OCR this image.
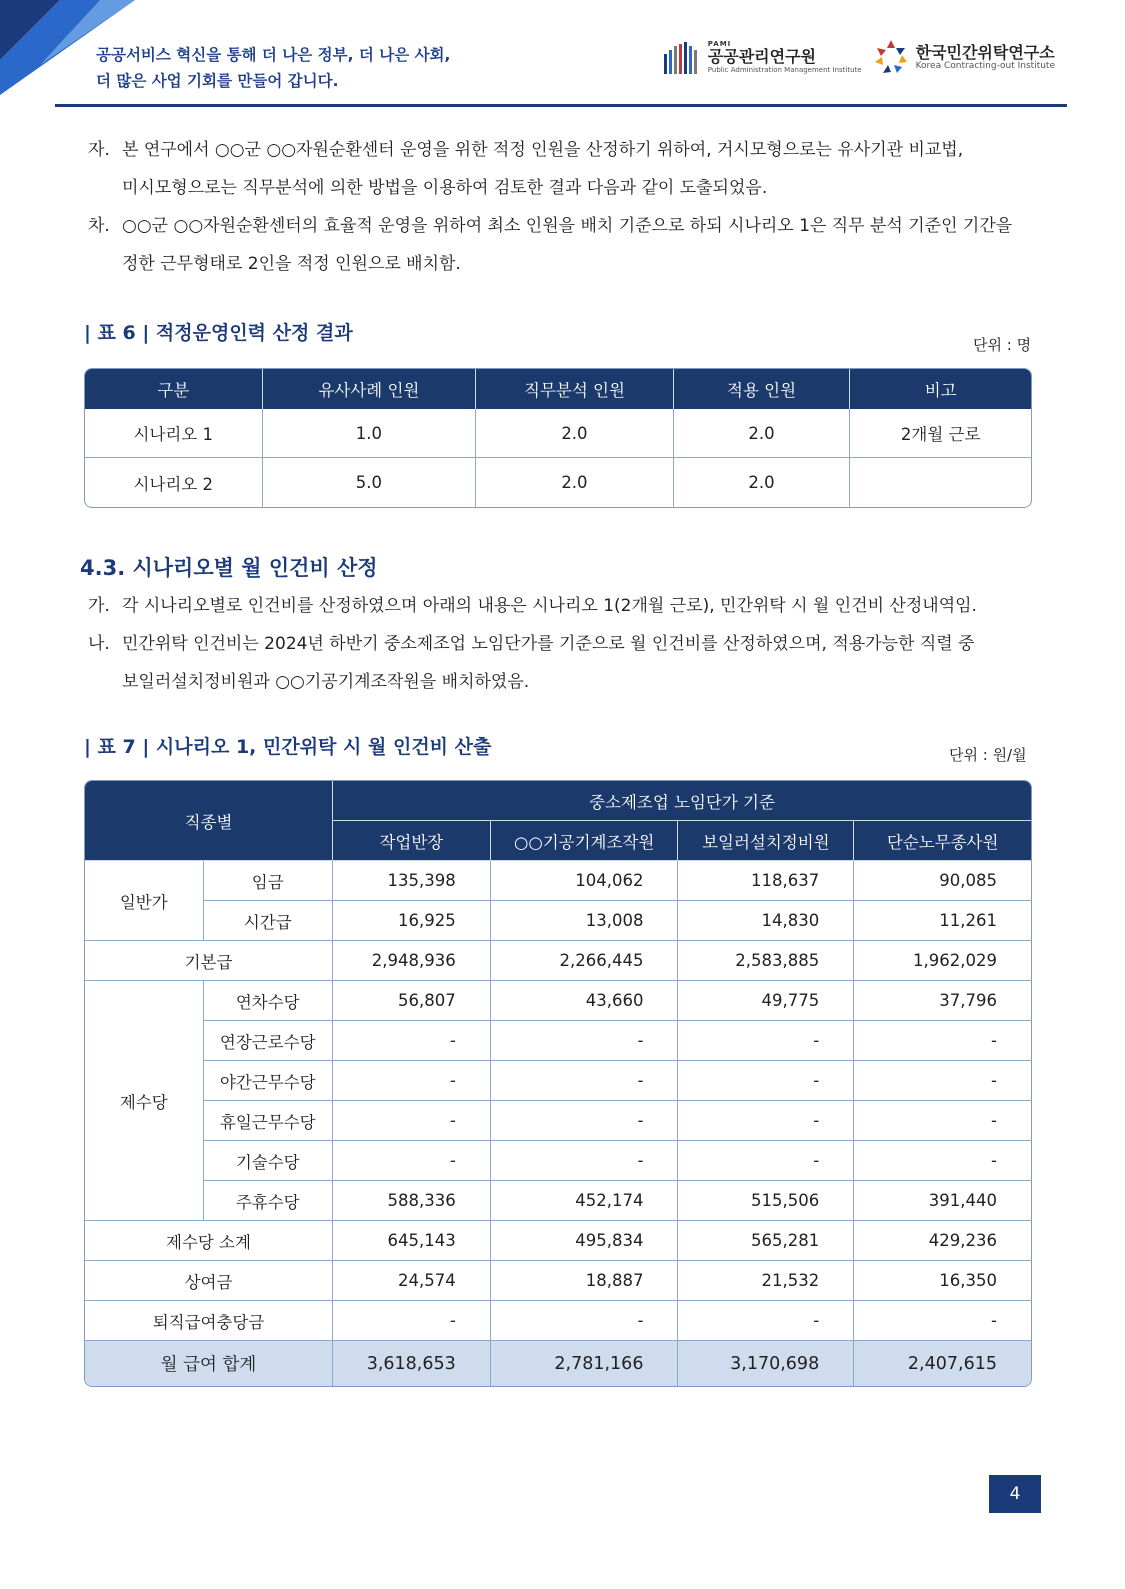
공공서비스 혁신을 통해 더 나은 정부, 더 나은 사회,
더 많은 사업 기회를 만들어 갑니다.
PAMI
공공관리연구원
Public Administration Management Institute
한국민간위탁연구소
Korea Contracting-out Institute
자. 본 연구에서 ○○군 ○○자원순환센터 운영을 위한 적정 인원을 산정하기 위하여, 거시모형으로는 유사기관 비교법,
미시모형으로는 직무분석에 의한 방법을 이용하여 검토한 결과 다음과 같이 도출되었음.
차. ○○군 ○○자원순환센터의 효율적 운영을 위하여 최소 인원을 배치 기준으로 하되 시나리오 1은 직무 분석 기준인 기간을
정한 근무형태로 2인을 적정 인원으로 배치함.
| 표 6 | 적정운영인력 산정 결과
단위 : 명
구분	유사사례 인원	직무분석 인원	적용 인원	비고
시나리오 1	1.0	2.0	2.0	2개월 근로
시나리오 2	5.0	2.0	2.0	
4.3. 시나리오별 월 인건비 산정
가. 각 시나리오별로 인건비를 산정하였으며 아래의 내용은 시나리오 1(2개월 근로), 민간위탁 시 월 인건비 산정내역임.
나. 민간위탁 인건비는 2024년 하반기 중소제조업 노임단가를 기준으로 월 인건비를 산정하였으며, 적용가능한 직렬 중
보일러설치정비원과 ○○기공기계조작원을 배치하였음.
| 표 7 | 시나리오 1, 민간위탁 시 월 인건비 산출	단위 : 원/월
직종별		중소제조업 노임단가 기준			
		작업반장	○○기공기계조작원	보일러설치정비원	단순노무종사원
일반가	임금	135,398	104,062	118,637	90,085
	시간급	16,925	13,008	14,830	11,261
기본급		2,948,936	2,266,445	2,583,885	1,962,029
제수당	연차수당	56,807	43,660	49,775	37,796
	연장근로수당	-	-	-	-
	야간근무수당	-	-	-	-
	휴일근무수당	-	-	-	-
	기술수당	-	-	-	-
	주휴수당	588,336	452,174	515,506	391,440
제수당 소계		645,143	495,834	565,281	429,236
상여금		24,574	18,887	21,532	16,350
퇴직급여충당금		-	-	-	-
월 급여 합계		3,618,653	2,781,166	3,170,698	2,407,615
4
